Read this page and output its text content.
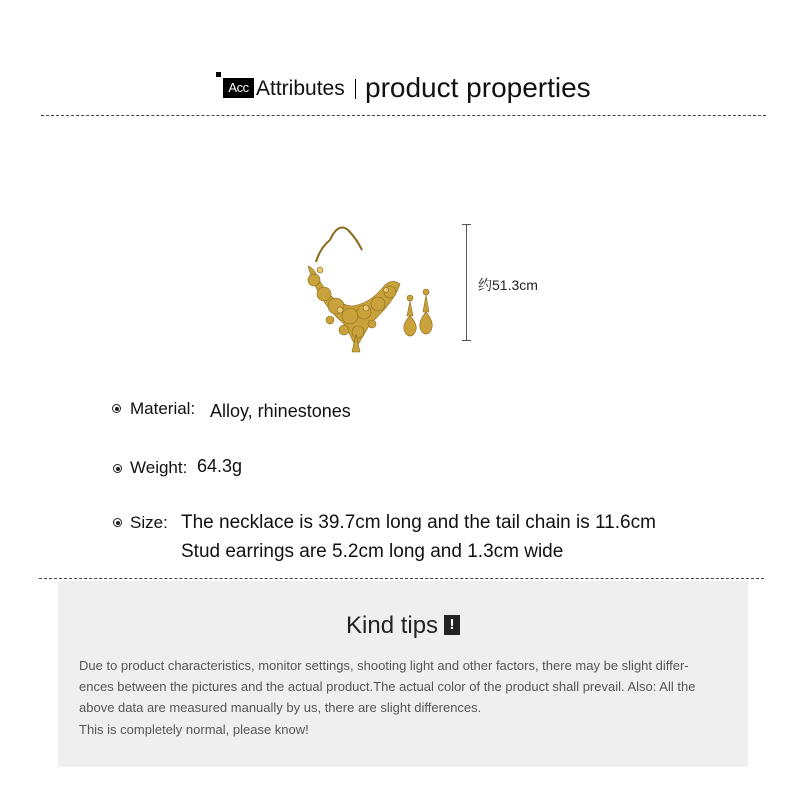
Acc Attributes product properties
约51.3cm
Material: Alloy, rhinestones
Weight: 64.3g
Size: The necklace is 39.7cm long and the tail chain is 11.6cm
Stud earrings are 5.2cm long and 1.3cm wide
Kind tips !
Due to product characteristics, monitor settings, shooting light and other factors, there may be slight differ-
ences between the pictures and the actual product.The actual color of the product shall prevail. Also: All the
above data are measured manually by us, there are slight differences.
This is completely normal, please know!
